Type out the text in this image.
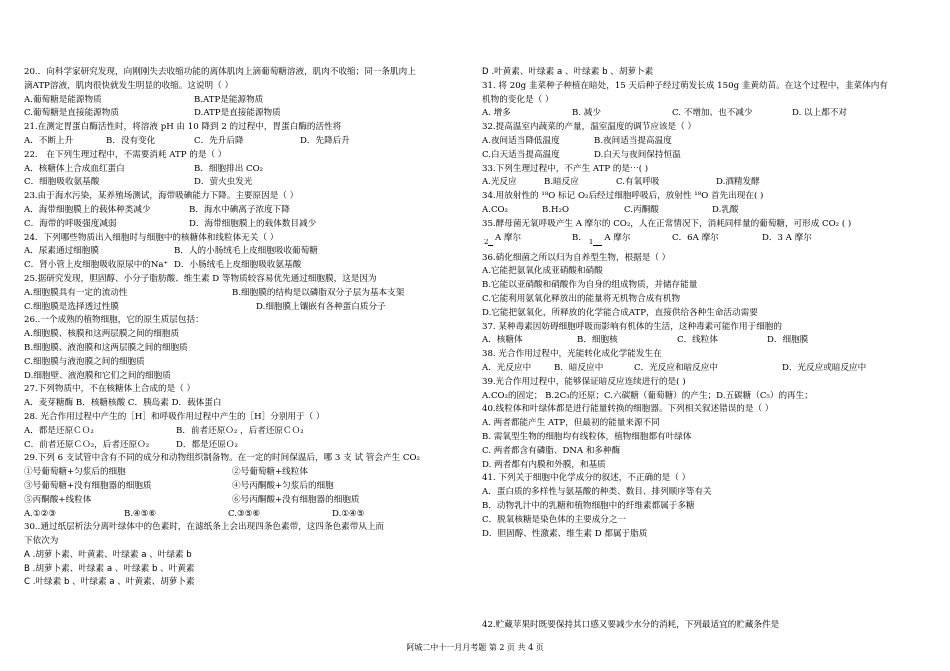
20.．向科学家研究发现，向刚刚失去收缩功能的离体肌肉上滴葡萄糖溶液，肌肉不收缩；同一条肌肉上
滴ATP溶液，肌肉很快就发生明显的收缩。这说明（ ）
A.葡萄糖是能源物质	B.ATP是能源物质
C.葡萄糖是直接能源物质	D.ATP是直接能源物质
21.在测定胃蛋白酶活性时，将溶液 pH 由 10 降到 2 的过程中，胃蛋白酶的活性将
A．不断上升	B．没有变化	C．先升后降	D．先降后升
22． 在下列生理过程中，不需要消耗 ATP 的是（ ）
A．核糖体上合成血红蛋白	B．细胞排出 CO₂
C．细胞吸收氨基酸	D．萤火虫发光
23.由于海水污染，某养殖场测试，海带吸碘能力下降。主要原因是（ ）
A．海带细胞膜上的载体种类减少	B．海水中碘离子浓度下降
C．海带的呼吸强度减弱	D．海带细胞膜上的载体数目减少
24．下列哪些物质出入细胞时与细胞中的核糖体和线粒体无关（ ）
A．尿素通过细胞膜	B．人的小肠绒毛上皮细胞吸收葡萄糖
C．肾小管上皮细胞吸收原尿中的Na⁺ D．小肠绒毛上皮细胞吸收氨基酸
25.据研究发现，胆固醇、小分子脂肪酸、维生素 D 等物质较容易优先通过细胞膜，这是因为
A.细胞膜具有一定的流动性	B.细胞膜的结构是以磷脂双分子层为基本支架
C.细胞膜是选择透过性膜	D.细胞膜上镶嵌有各种蛋白质分子
26..一个成熟的植物细胞，它的原生质层包括：
A.细胞膜、核膜和这两层膜之间的细胞质
B.细胞膜、液泡膜和这两层膜之间的细胞质
C.细胞膜与液泡膜之间的细胞质
D.细胞壁、液泡膜和它们之间的细胞质
27.下列物质中，不在核糖体上合成的是（ ）
A．麦芽糖酶 B．核糖核酸 C．胰岛素 D．载体蛋白
28. 光合作用过程中产生的［H］和呼吸作用过程中产生的［H］分别用于（ ）
A．都是还原ＣＯ₂	B．前者还原Ｏ₂ ，后者还原ＣＯ₂
C．前者还原ＣＯ₂，后者还原Ｏ₂	D．都是还原Ｏ₂
29.下列 6 支试管中含有不同的成分和动物组织制备物。在一定的时间保温后，哪 3 支 试 管会产生 CO₂
①号葡萄糖+匀浆后的细胞	②号葡萄糖+线粒体
③号葡萄糖+没有细胞器的细胞质	④号丙酮酸+匀浆后的细胞
⑤丙酮酸+线粒体	⑥号丙酮酸+没有细胞器的细胞质
A.①②③	B.④⑤⑥	C.③⑤⑥	D.①④⑤
30..通过纸层析法分离叶绿体中的色素时，在滤纸条上会出现四条色素带，这四条色素带从上而
下依次为
A .胡萝卜素、叶黄素、叶绿素 a 、叶绿素 b
B .胡萝卜素、叶绿素 a 、叶绿素 b 、叶黄素
C .叶绿素 b 、叶绿素 a 、叶黄素、胡萝卜素
D .叶黄素、叶绿素 a 、叶绿素 b 、胡萝卜素
31. 将 20g 韭菜种子种植在暗处，15 天后种子经过萌发长成 150g 韭黄幼苗。在这个过程中，韭菜体内有
机物的变化是（ ）
A. 增多	B. 减少	C. 不增加、也不减少	D. 以上都不对
32.提高温室内蔬菜的产量，温室温度的调节应该是（ ）
A.夜间适当降低温度	B.夜间适当提高温度
C.白天适当提高温度	D.白天与夜间保持恒温
33.下列生理过程中，不产生 ATP 的是⋯( )
A.光反应	B.暗反应	C.有氧呼吸	D.酒精发酵
34.用放射性的 ¹⁸O 标记 O₂后经过细胞呼吸后，放射性 ¹⁸O 首先出现在( )
A.CO₂	B.H₂O	C.丙酮酸	D.乳酸
35.酵母菌无氧呼吸产生 A 摩尔的 CO₂，人在正常情况下，消耗同样量的葡萄糖，可形成 CO₂ ( )
2 A 摩尔	B． 1 A 摩尔	C．6A 摩尔	D．3 A 摩尔
36.硝化细菌之所以归为自养型生物，根据是（ ）
A.它能把氨氧化成亚硝酸和硝酸
B.它能以亚硝酸和硝酸作为自身的组成物质，并储存能量
C.它能利用氨氧化释放出的能量将无机物合成有机物
D.它能把氨氧化，所释放的化学能合成ATP，直接供给各种生命活动需要
37. 某种毒素因妨碍细胞呼吸而影响有机体的生活，这种毒素可能作用于细胞的
A．核糖体	B．细胞核	C．线粒体	D．细胞膜
38. 光合作用过程中，光能转化成化学能发生在
A．光反应中	B．暗反应中	C．光反应和暗反应中	D．光反应或暗反应中
39.光合作用过程中，能够保证暗反应连续进行的是( )
A.CO₂的固定； B.2C₃的还原；C.六碳糖（葡萄糖）的产生；D.五碳糖（C₅）的再生；
40.线粒体和叶绿体都是进行能量转换的细胞器。下列相关叙述错误的是（ ）
A. 两者都能产生 ATP，但最初的能量来源不同
B. 需氧型生物的细胞均有线粒体，植物细胞都有叶绿体
C. 两者都含有磷脂、DNA 和多种酶
D. 两者都有内膜和外膜，和基质
41. 下列关于细胞中化学成分的叙述，不正确的是（ ）
A．蛋白质的多样性与氨基酸的种类、数目、排列顺序等有关
B．动物乳汁中的乳糖和植物细胞中的纤维素都属于多糖
C．脱氧核糖是染色体的主要成分之一
D．胆固醇、性激素、维生素 D 都属于脂质
42.贮藏苹果时既要保持其口感又要减少水分的消耗，下列最适宜的贮藏条件是
阿城二中十一月月考题 第 2 页 共 4 页
